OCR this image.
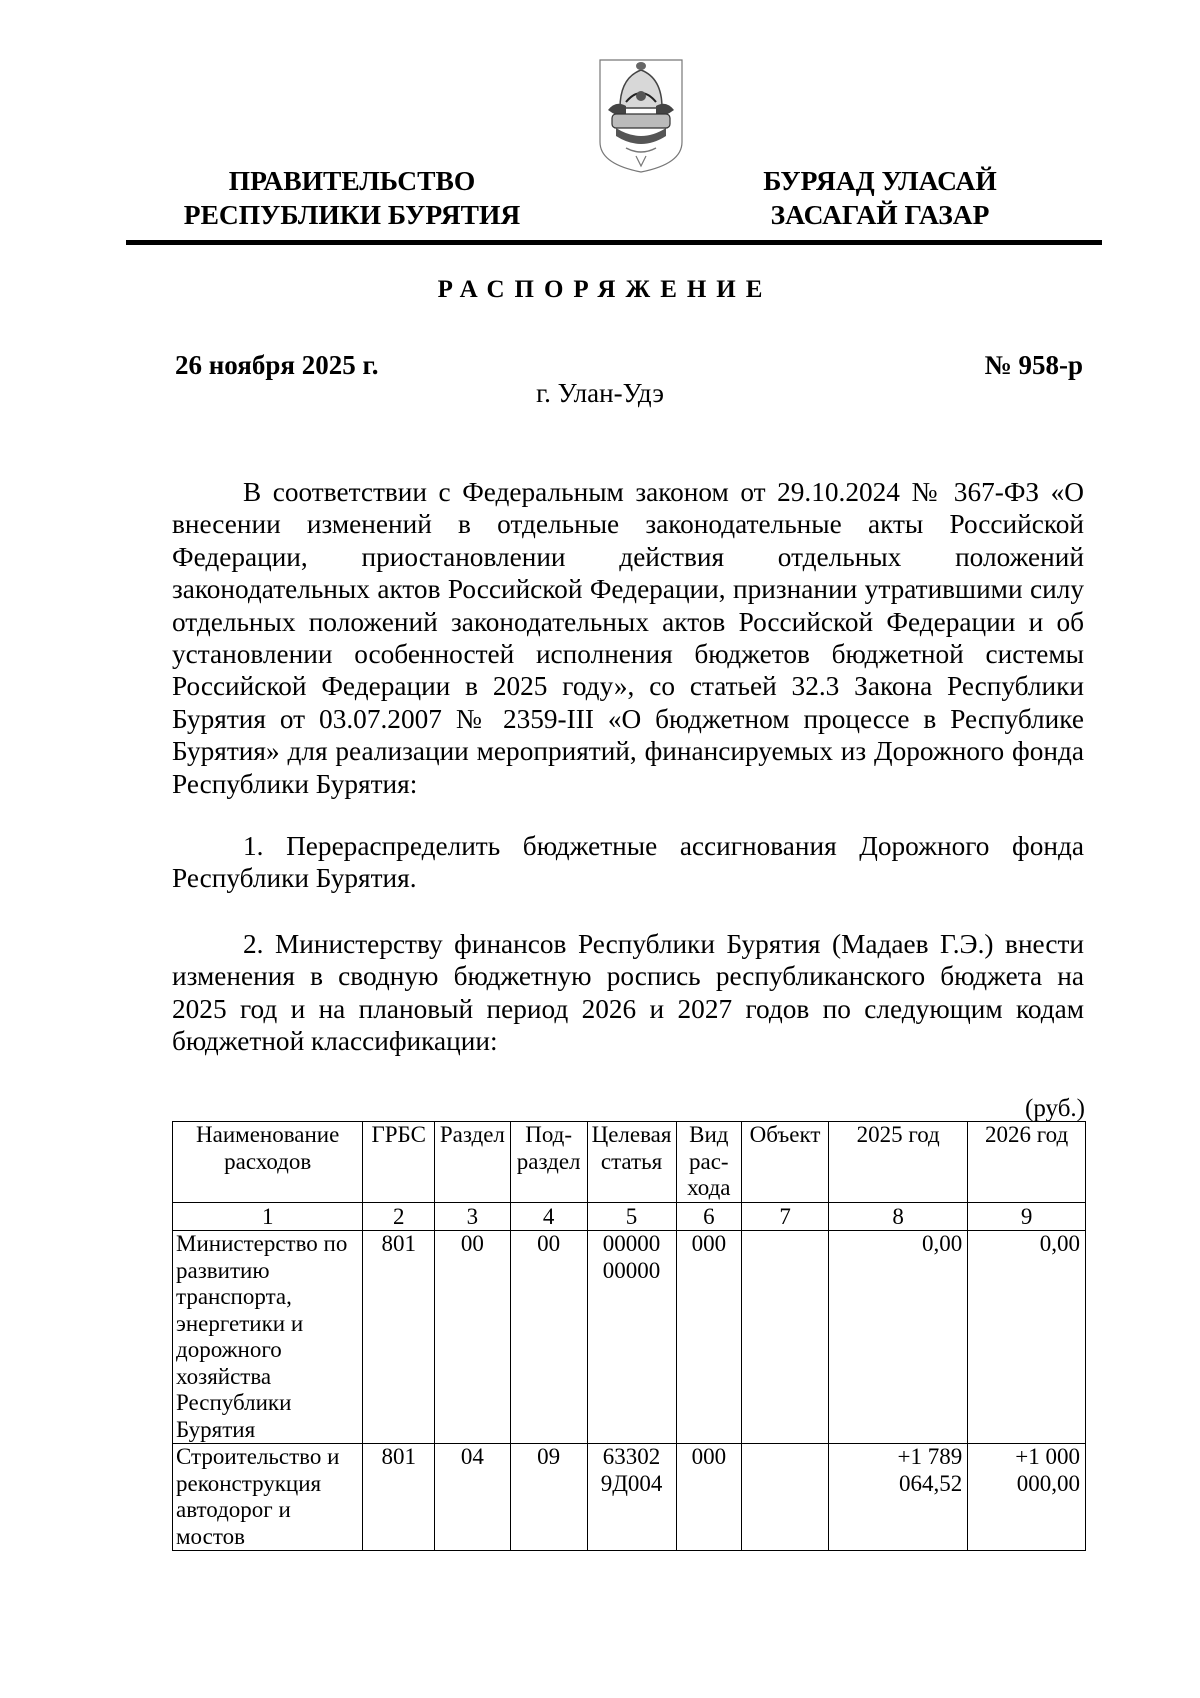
ПРАВИТЕЛЬСТВО
РЕСПУБЛИКИ БУРЯТИЯ
БУРЯАД УЛАСАЙ
ЗАСАГАЙ ГАЗАР
РАСПОРЯЖЕНИЕ
26 ноября 2025 г.	№ 958-р
г. Улан-Удэ

В соответствии с Федеральным законом от 29.10.2024 № 367-ФЗ «О внесении изменений в отдельные законодательные акты Российской Федерации, приостановлении действия отдельных положений законодательных актов Российской Федерации, признании утратившими силу отдельных положений законодательных актов Российской Федерации и об установлении особенностей исполнения бюджетов бюджетной системы Российской Федерации в 2025 году», со статьей 32.3 Закона Республики Бурятия от 03.07.2007 № 2359-III «О бюджетном процессе в Республике Бурятия» для реализации мероприятий, финансируемых из Дорожного фонда Республики Бурятия:

1. Перераспределить бюджетные ассигнования Дорожного фонда Республики Бурятия.

2. Министерству финансов Республики Бурятия (Мадаев Г.Э.) внести изменения в сводную бюджетную роспись республиканского бюджета на 2025 год и на плановый период 2026 и 2027 годов по следующим кодам бюджетной классификации:

(руб.)
Наименование расходов	ГРБС	Раздел	Под-раздел	Целевая статья	Вид рас-хода	Объект	2025 год	2026 год
1	2	3	4	5	6	7	8	9
Министерство по развитию транспорта, энергетики и дорожного хозяйства Республики Бурятия	801	00	00	00000 00000	000		0,00	0,00
Строительство и реконструкция автодорог и мостов	801	04	09	63302 9Д004	000		+1 789 064,52	+1 000 000,00
